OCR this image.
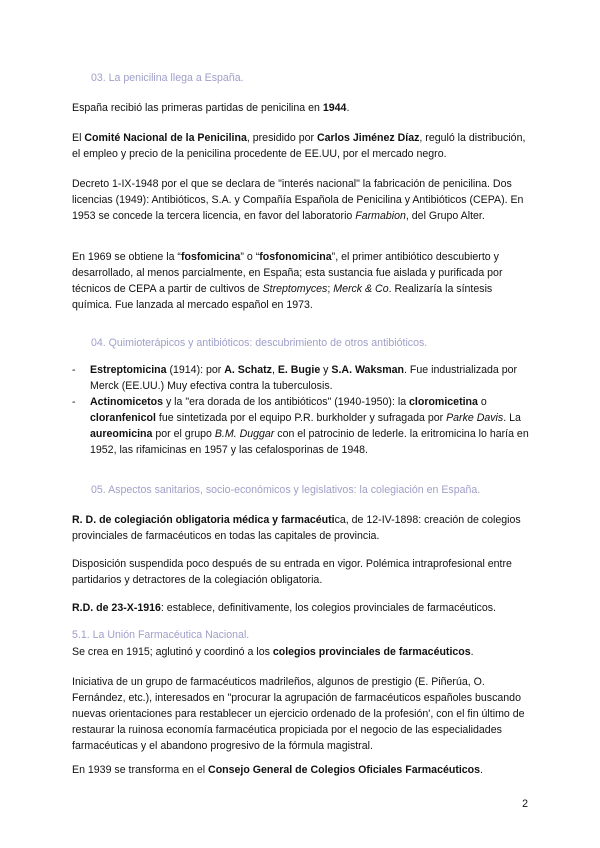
03. La penicilina llega a España.

España recibió las primeras partidas de penicilina en 1944.

El Comité Nacional de la Penicilina, presidido por Carlos Jiménez Díaz, reguló la distribución, el empleo y precio de la penicilina procedente de EE.UU, por el mercado negro.

Decreto 1-IX-1948 por el que se declara de "interés nacional" la fabricación de penicilina. Dos licencias (1949): Antibióticos, S.A. y Compañía Española de Penicilina y Antibióticos (CEPA). En 1953 se concede la tercera licencia, en favor del laboratorio Farmabion, del Grupo Alter.

En 1969 se obtiene la “fosfomicina” o “fosfonomicina”, el primer antibiótico descubierto y desarrollado, al menos parcialmente, en España; esta sustancia fue aislada y purificada por técnicos de CEPA a partir de cultivos de Streptomyces; Merck & Co. Realizaría la síntesis química. Fue lanzada al mercado español en 1973.

04. Quimioterápicos y antibióticos: descubrimiento de otros antibióticos.
- Estreptomicina (1914): por A. Schatz, E. Bugie y S.A. Waksman. Fue industrializada por Merck (EE.UU.) Muy efectiva contra la tuberculosis.
- Actinomicetos y la "era dorada de los antibióticos" (1940-1950): la cloromicetina o cloranfenicol fue sintetizada por el equipo P.R. burkholder y sufragada por Parke Davis. La aureomicina por el grupo B.M. Duggar con el patrocinio de lederle. la eritromicina lo haría en 1952, las rifamicinas en 1957 y las cefalosporinas de 1948.
05. Aspectos sanitarios, socio-económicos y legislativos: la colegiación en España.

R. D. de colegiación obligatoria médica y farmacéutica, de 12-IV-1898: creación de colegios provinciales de farmacéuticos en todas las capitales de provincia.

Disposición suspendida poco después de su entrada en vigor. Polémica intraprofesional entre partidarios y detractores de la colegiación obligatoria.

R.D. de 23-X-1916: establece, definitivamente, los colegios provinciales de farmacéuticos.

5.1. La Unión Farmacéutica Nacional.

Se crea en 1915; aglutinó y coordinó a los colegios provinciales de farmacéuticos.

Iniciativa de un grupo de farmacéuticos madrileños, algunos de prestigio (E. Piñerúa, O. Fernández, etc.), interesados en "procurar la agrupación de farmacéuticos españoles buscando nuevas orientaciones para restablecer un ejercicio ordenado de la profesión', con el fin último de restaurar la ruinosa economía farmacéutica propiciada por el negocio de las especialidades farmacéuticas y el abandono progresivo de la fórmula magistral.

En 1939 se transforma en el Consejo General de Colegios Oficiales Farmacéuticos.

2
